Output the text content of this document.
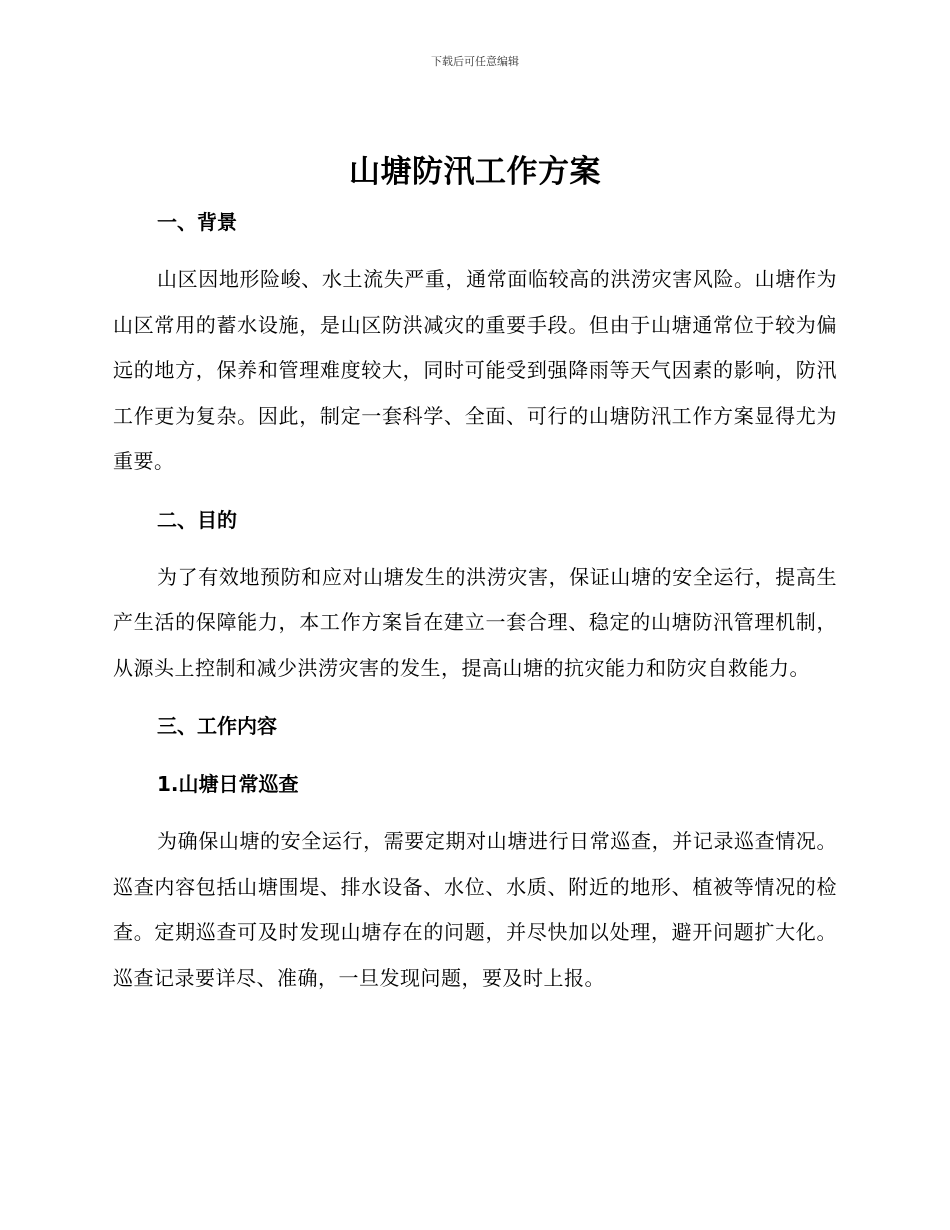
下载后可任意编辑
山塘防汛工作方案
一、背景

山区因地形险峻、水土流失严重，通常面临较高的洪涝灾害风险。山塘作为山区常用的蓄水设施，是山区防洪减灾的重要手段。但由于山塘通常位于较为偏远的地方，保养和管理难度较大，同时可能受到强降雨等天气因素的影响，防汛工作更为复杂。因此，制定一套科学、全面、可行的山塘防汛工作方案显得尤为重要。

二、目的

为了有效地预防和应对山塘发生的洪涝灾害，保证山塘的安全运行，提高生产生活的保障能力，本工作方案旨在建立一套合理、稳定的山塘防汛管理机制，从源头上控制和减少洪涝灾害的发生，提高山塘的抗灾能力和防灾自救能力。

三、工作内容
1.山塘日常巡查

为确保山塘的安全运行，需要定期对山塘进行日常巡查，并记录巡查情况。巡查内容包括山塘围堤、排水设备、水位、水质、附近的地形、植被等情况的检查。定期巡查可及时发现山塘存在的问题，并尽快加以处理，避开问题扩大化。巡查记录要详尽、准确，一旦发现问题，要及时上报。
